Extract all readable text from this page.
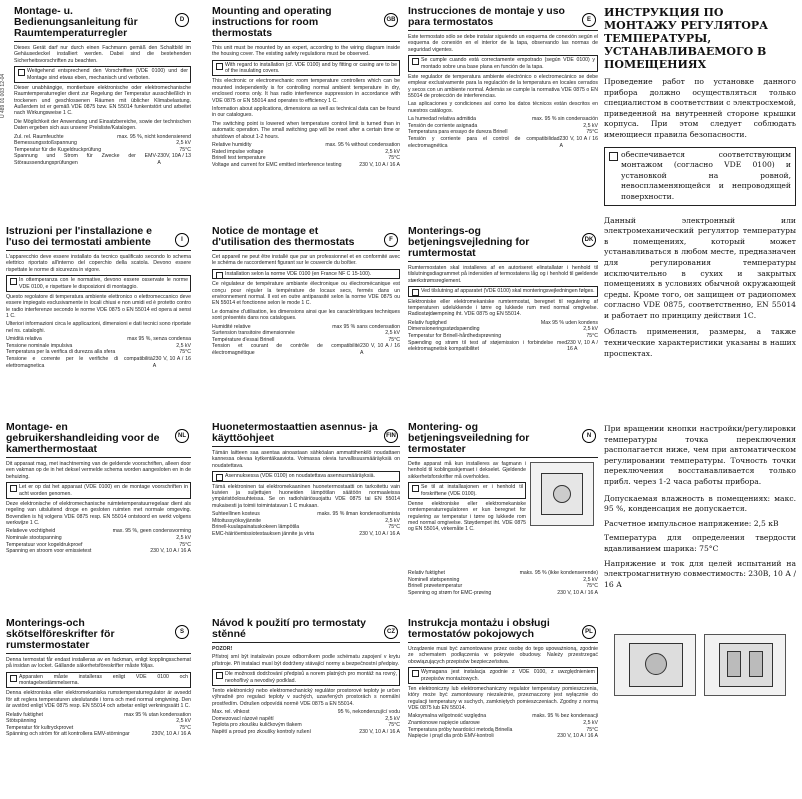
U 489 01 003 12-04
Montage- u. Bedienungsanleitung für Raumtemperaturregler
D

Dieses Gerät darf nur durch einen Fachmann gemäß den Schaltbild im Gehäusedeckel installiert werden. Dabei sind die bestehenden Sicherheitsvorschriften zu beachten.

Weitgehend entsprechend den Vorschriften (VDE 0100) und der Montage sind etwas eben, mechanisch und verboten.

Dieser unabhängige, montierbare elektronische oder elektromechanische Raumtemperaturregler dient zur Regelung der Temperatur ausschließlich in trockenen und geschlossenen Räumen mit üblicher Klimabelastung. Außerdem ist er gemäß VDE 0875 bzw. EN 55014 funkentstört und arbeitet nach Wirkungsweise 1 C.

Die Möglichkeit der Anwendung und Einsatzbereiche, sowie der technischen Daten ergeben sich aus unserer Preisliste/Katalogen.

Zul. rel. Raumfeuchte	max. 95 %, nicht kondensierend
Bemessungsstoßspannung	2,5 kV
Temperatur für die Kugeldruckprüfung	75°C
Spannung und Strom für Zwecke der EMV-Störaussendungsprüfungen
230V, 10A / 13 A
Istruzioni per l'installazione e l'uso dei termostati ambiente	I

L'apparecchio deve essere installato da tecnico qualificato secondo lo schema elettrico riportato all'interno del coperchio della scatola. Devono essere rispettate le norme di sicurezza in vigore.

In ottemperanza con le normative, devono essere osservate le norme VDE 0100, e rispettare le disposizioni di montaggio.

Questo regolatore di temperatura ambiente elettronico o elettromeccanico deve essere impiegato esclusivamente in locali chiusi e non umidi ed è protetto contro le radio interferenze secondo le norme VDE 0875 o EN 55014 ed opera ai sensi 1 C.

Ulteriori informazioni circa le applicazioni, dimensioni e dati tecnici sono riportate nel ns. cataloghi.

Umidità relativa	max 95 %, senza condensa
Tensione nominale impulsiva	2,5 kV
Temperatura per la verifica di durezza alla sfera	75°C
Tensione e corrente per le verifiche di compatibilità elettromagnetica
230 V, 10 A / 16 A
Montage- en gebruikershandleiding voor de kamerthermostaat
NL

Dit apparaat mag, met inachtneming van de geldende voorschriften, alleen door een vakman op de in het deksel vermelde schema worden aangesloten en in de behuizing.

Let er op dat het apparaat (VDE 0100) en de montage voorschriften in acht worden genomen.

Deze elektronische of elektromechanische ruimtetemperatuurregelaar dient als regeling van uitsluitend droge en gesloten ruimten met normale omgeving. Bovendien is hij volgens VDE 0875 resp. EN 55014 ontstoord en werkt volgens werkwijze 1 C.

Relatieve vochtigheid	max. 95 %, geen condensvorming
Nominale stootspanning	2,5 kV
Temperatuur voor kogeldrukproef	75°C
Spanning en stroom voor emissietest	230 V, 10 A / 16 A
Monterings-och skötselföreskrifter för rumstermostater
S

Denna termostat får endast installeras av en fackman, enligt kopplingsschemat på insidan av locket. Gällande säkerhetsföreskrifter måste följas.

Apparaten måste installeras enligt VDE 0100 och montagebestämmelserna.

Denna elektroniska eller elektromekaniska rumstemperaturregulator är avsedd för att reglera temperaturen uteslutande i torra och med normal omgivning. Den är avstörd enligt VDE 0875 resp. EN 55014 och arbetar enligt verkningssätt 1 C.

Relativ fuktighet	max 95 % utan kondensation
Stötspänning	2,5 kV
Temperatur för kultryckprovet	75°C
Spänning och ström för att kontrollera EMV-störningar	230V, 10 A / 16 A
Mounting and operating instructions for room thermostats
GB

This unit must be mounted by an expert, according to the wiring diagram inside the housing cover. The existing safety regulations must be observed.

With regard to installation (cf. VDE 0100) and by fitting or casing are to be of the insulating covers.

This electronic or electromechanic room temperature controllers which can be mounted independently is for controlling normal ambient temperature in dry, enclosed rooms only. It has radio interference suppression in accordance with VDE 0875 or EN 55014 and operates to efficiency 1 C.

Information about applications, dimensions as well as technical data can be found in our catalogues.

The switching point is lowered when temperature control limit is turned than in automatic operation. The small switching gap will be reset after a certain time or shutdown of about 1-2 hours.

Relative humidity	max. 95 % without condensation
Rated impulse voltage	2,5 kV
Brinell test temperature	75°C
Voltage and current for EMC emitted interference testing	230 V, 10 A / 16 A
Notice de montage et d'utilisation des thermostats	F

Cet appareil ne peut être installé que par un professionnel et en conformité avec le schéma de raccordement figurant sur le couvercle du boîtier.

Installation selon la norme VDE 0100 (en France NF C 15-100).

Ce régulateur de température ambiante électronique ou électromécanique est conçu pour réguler la température de locaux secs, fermés dans un environnement normal. Il est en outre antiparasité selon la norme VDE 0875 ou EN 55014 et fonctionne selon le mode 1 C.

Le domaine d'utilisation, les dimensions ainsi que les caractéristiques techniques sont présentés dans nos catalogues.

Humidité relative	max 95 % sans condensation
Surtension transitoire dimensionnée	2,5 kV
Température d'essai Brinell	75°C
Tension et courant de contrôle de compatibilité électromagnétique
230 V, 10 A / 16 A
Huonetermostaattien asennus- ja käyttöohjeet	FIN

Tämän laitteen saa asentaa ainoastaan sähköalan ammattihenkilö noudattaen kannessa olevaa kytkentäkaaviota. Voimassa olevia turvallisuusmääräyksiä on noudatettava.

Asennuksessa (VDE 0100) on noudatettava asennusmääräyksiä.

Tämä elektroninen tai elektromekaaninen huonetermostaatti on tarkoitettu vain kuivien ja suljettujen huoneiden lämpötilan säätöön normaaleissa ympäristöolosuhteissa. Se on radiohäiriösuojattu VDE 0875 tai EN 55014 mukaisesti ja toimii toimintatavan 1 C mukaan.

Suhteellinen kosteus	maks. 95 % ilman kondensoitumista
Mitoitussyöksyjännite	2,5 kV
Brinell-kuulapainatuskokeen lämpötila	75°C
EMC-häiriöemissiotestauksen jännite ja virta	230 V, 10 A / 16 A
Návod k použití pro termostaty stěnné	CZ

POZOR!

Přístroj smí být instalován pouze odborníkem podle schématu zapojení v krytu přístroje. Při instalaci musí být dodrženy stávající normy a bezpečnostní předpisy.

Dle možnosti dodržování předpisů a norem platných pro montáž na rovný, neohořlivý a nevodivý podklad.

Tento elektronický nebo elektromechanický regulátor prostorové teploty je určen výhradně pro regulaci teploty v suchých, uzavřených prostorách s normální prostředím. Odrušen odpovídá normě VDE 0875 a EN 55014.

Max. rel. vlhkost	95 %, nekondenzující vodu
Domezovací rázové napětí	2,5 kV
Teplota pro zkoušku kuličkovým tlakem	75°C
Napětí a proud pro zkoušky kontroly rušení	230 V, 10 A / 16 A
Instrucciones de montaje y uso para termostatos	E

Este termostato sólo se debe instalar siguiendo un esquema de conexión según el esquema de conexión en el interior de la tapa, observando las normas de seguridad vigentes.

Se cumple cuando está correctamente empotrado (según VDE 0100) y montado sobre una base plana en función de la tapa.

Este regulador de temperatura ambiente electrónico o electromecánico se debe emplear exclusivamente para la regulación de la temperatura en locales cerrados y secos con un ambiente normal. Además se cumple la normativa VDE 0875 o EN 55014 de protección de interferencias.

Las aplicaciones y condiciones así como los datos técnicos están descritos en nuestros catálogos.

La humedad relativa admitida	max. 95 % sin condensación
Tensión de corriente asignada	2,5 kV
Temperatura para ensayo de dureza Brinell	75°C
Tensión y corriente para el control de compatibilidad electromagnética
230 V, 10 A / 16 A
Monterings-og betjeningsvejledning for rumtermostat
DK

Rumtermostaten skal installeres af en autoriseret elinstallatør i henhold til tilslutningsdiagrammet på indersiden af termostatens låg og i henhold til gældende stærkstrømsreglement.

Ved tilslutning af apparatet (VDE 0100) skal monteringsvejledningen følges.

Elektroniske eller elektromekaniske rumtermostat, beregnet til regulering af temperaturen udelukkende i tørre og lukkede rum med normal omgivelse. Radiostøjdæmpning iht. VDE 0875 og EN 55014.

Relativ fugtighed	Max 95 % uden kondens
Dimensioneringsstødspænding	2,5 kV
Temperatur for Brinell-hårdhedsprøvning	75°C
Spænding og strøm til test af støjemission i forbindelse med elektromagnetisk kompatibilitet
230 V, 10 A / 16 A
Montering- og betjeningsveiledning for termostater
N

Dette apparat må kun installeres av fagmann i henhold til koblingsskjemaet i dekselet. Gjeldende sikkerhetsforskrifter må overholdes.

Se til at installasjonen er i henhold til forskriftene (VDE 0100).

Denne elektroniske eller elektromekaniske romtemperaturregulatoren er kun beregnet for regulering av temperatur i tørre og lukkede rom med normal omgivelse. Støydempet iht. VDE 0875 og EN 55014, virkemåte 1 C.

Relativ fuktighet	maks. 95 % (ikke kondenserende)
Nominell støtspenning	2,5 kV
Brinell prøvetemperatur	75°C
Spenning og strøm for EMC-prøving	230 V, 10 A / 16 A
Instrukcja montażu i obsługi termostatów pokojowych	PL

Urządzenie musi być zamontowane przez osobę do tego upoważnioną, zgodnie ze schematem podłączenia w pokrywie obudowy. Należy przestrzegać obowiązujących przepisów bezpieczeństwa.

Wymagana jest instalacja zgodnie z VDE 0100, z uwzględnieniem przepisów montażowych.

Ten elektroniczny lub elektromechaniczny regulator temperatury pomieszczenia, który może być zamontowany niezależnie, przeznaczony jest wyłącznie do regulacji temperatury w suchych, zamkniętych pomieszczeniach. Zgodny z normą VDE 0875 lub EN 55014.

Maksymalna wilgotność względna	maks. 95 % bez kondensacji
Znamionowe napięcie udarowe	2,5 kV
Temperatura próby twardości metodą Brinella	75°C
Napięcie i prąd dla prób EMV-kontroli	230 V, 10 A / 16 A
ИНСТРУКЦИЯ ПО МОНТАЖУ РЕГУЛЯТОРА ТЕМПЕРАТУРЫ, УСТАНАВЛИВАЕМОГО В ПОМЕЩЕНИЯХ

Проведение работ по установке данного прибора должно осуществляться только специалистом в соответствии с электросхемой, приведенной на внутренней стороне крышки корпуса. При этом следует соблюдать имеющиеся правила безопасности.

обеспечивается соответствующим монтажом (согласно VDE 0100) и установкой на ровной, невоспламеняющейся и непроводящей поверхности.

Данный электронный или электромеханический регулятор температуры в помещениях, который может устанавливаться в любом месте, предназначен для регулирования температуры исключительно в сухих и закрытых помещениях в условиях обычной окружающей среды. Кроме того, он защищен от радиопомех согласно VDE 0875, соответственно, EN 55014 и работает по принципу действия 1С.

Область применения, размеры, а также технические характеристики указаны в наших проспектах.

При вращении кнопки настройки/регулировки температуры точка переключения располагается ниже, чем при автоматическом регулировании температуры. Точность точки переключения восстанавливается только прибл. через 1-2 часа работы прибора.

Допускаемая влажность в помещениях: макс. 95 %, конденсация не допускается.

Расчетное импульсное напряжение: 2,5 кВ

Температура для определения твердости вдавливанием шарика: 75°С

Напряжение и ток для целей испытаний на электромагнитную совместимость: 230В, 10 А / 16 А
